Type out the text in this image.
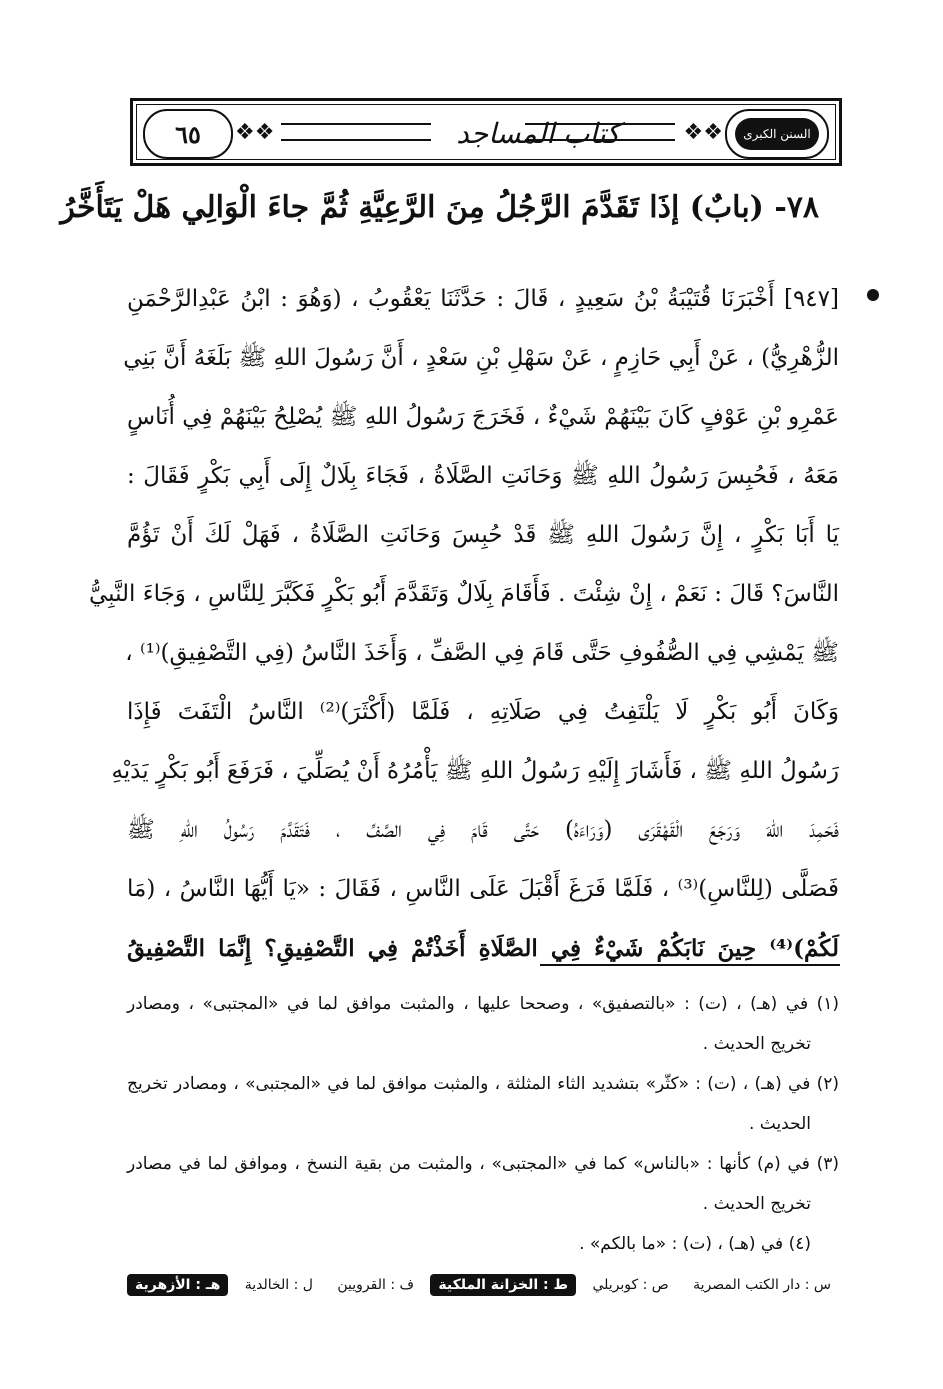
السنن الكبرى
❖❖
كتاب المساجد
❖❖
٦٥
٧٨- (بابٌ) إذَا تَقَدَّمَ الرَّجُلُ مِنَ الرَّعِيَّةِ ثُمَّ جاءَ الْوَالِي هَلْ يَتَأَخَّرُ
[٩٤٧] أَخْبَرَنَا قُتَيْبَةُ بْنُ سَعِيدٍ ، قَالَ : حَدَّثَنَا يَعْقُوبُ ، (وَهُوَ : ابْنُ عَبْدِالرَّحْمَنِ
الزُّهْرِيُّ) ، عَنْ أَبِي حَازِمٍ ، عَنْ سَهْلِ بْنِ سَعْدٍ ، أَنَّ رَسُولَ اللهِ ﷺ بَلَغَهُ أَنَّ بَنِي
عَمْرِو بْنِ عَوْفٍ كَانَ بَيْنَهُمْ شَيْءٌ ، فَخَرَجَ رَسُولُ اللهِ ﷺ يُصْلِحُ بَيْنَهُمْ فِي أُنَاسٍ
مَعَهُ ، فَحُبِسَ رَسُولُ اللهِ ﷺ وَحَانَتِ الصَّلَاةُ ، فَجَاءَ بِلَالٌ إِلَى أَبِي بَكْرٍ فَقَالَ :
يَا أَبَا بَكْرٍ ، إِنَّ رَسُولَ اللهِ ﷺ قَدْ حُبِسَ وَحَانَتِ الصَّلَاةُ ، فَهَلْ لَكَ أَنْ تَؤُمَّ
النَّاسَ؟ قَالَ : نَعَمْ ، إِنْ شِئْتَ . فَأَقَامَ بِلَالٌ وَتَقَدَّمَ أَبُو بَكْرٍ فَكَبَّرَ لِلنَّاسِ ، وَجَاءَ النَّبِيُّ
ﷺ يَمْشِي فِي الصُّفُوفِ حَتَّى قَامَ فِي الصَّفِّ ، وَأَخَذَ النَّاسُ (فِي التَّصْفِيقِ)⁽¹⁾ ،
وَكَانَ أَبُو بَكْرٍ لَا يَلْتَفِتُ فِي صَلَاتِهِ ، فَلَمَّا (أَكْثَرَ)⁽²⁾ النَّاسُ الْتَفَتَ فَإِذَا
رَسُولُ اللهِ ﷺ ، فَأَشَارَ إِلَيْهِ رَسُولُ اللهِ ﷺ يَأْمُرُهُ أَنْ يُصَلِّيَ ، فَرَفَعَ أَبُو بَكْرٍ يَدَيْهِ
فَحَمِدَ اللهَ وَرَجَعَ الْقَهْقَرَى (وَرَاءَهُ) حَتَّى قَامَ فِي الصَّفِّ ، فَتَقَدَّمَ رَسُولُ اللهِ ﷺ
فَصَلَّى (لِلنَّاسِ)⁽³⁾ ، فَلَمَّا فَرَغَ أَقْبَلَ عَلَى النَّاسِ ، فَقَالَ : «يَا أَيُّهَا النَّاسُ ، (مَا
لَكُمْ)⁽⁴⁾ حِينَ نَابَكُمْ شَيْءٌ فِي الصَّلَاةِ أَخَذْتُمْ فِي التَّصْفِيقِ؟ إِنَّمَا التَّصْفِيقُ
(١) في (هـ) ، (ت) : «بالتصفيق» ، وصححا عليها ، والمثبت موافق لما في «المجتبى» ، ومصادر
تخريج الحديث .
(٢) في (هـ) ، (ت) : «كثّر» بتشديد الثاء المثلثة ، والمثبت موافق لما في «المجتبى» ، ومصادر تخريج
الحديث .
(٣) في (م) كأنها : «بالناس» كما في «المجتبى» ، والمثبت من بقية النسخ ، وموافق لما في مصادر
تخريج الحديث .
(٤) في (هـ) ، (ت) : «ما بالكم» .
س : دار الكتب المصرية
ص : كوبريلي
ط : الخزانة الملكية
ف : القرويين
ل : الخالدية
هـ : الأزهرية
